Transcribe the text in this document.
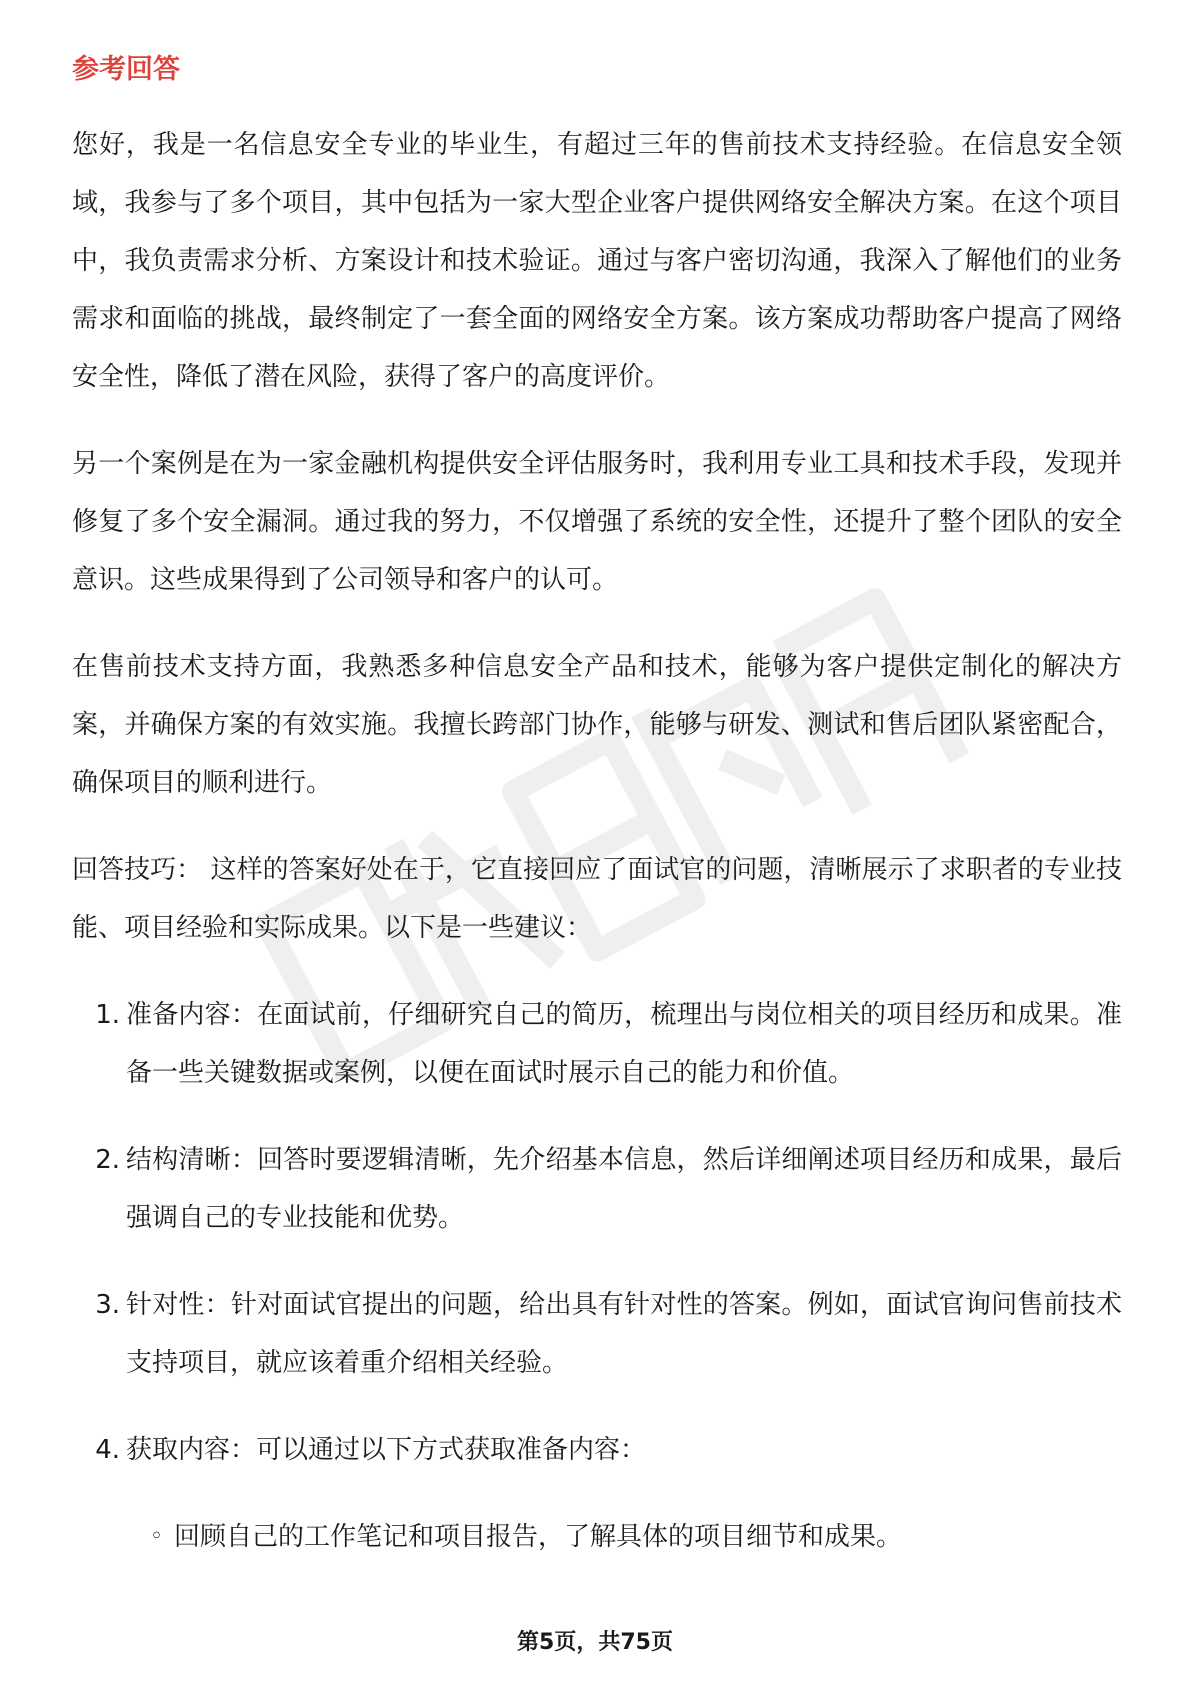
参考回答

您好，我是一名信息安全专业的毕业生，有超过三年的售前技术支持经验。在信息安全领域，我参与了多个项目，其中包括为一家大型企业客户提供网络安全解决方案。在这个项目中，我负责需求分析、方案设计和技术验证。通过与客户密切沟通，我深入了解他们的业务需求和面临的挑战，最终制定了一套全面的网络安全方案。该方案成功帮助客户提高了网络安全性，降低了潜在风险，获得了客户的高度评价。

另一个案例是在为一家金融机构提供安全评估服务时，我利用专业工具和技术手段，发现并修复了多个安全漏洞。通过我的努力，不仅增强了系统的安全性，还提升了整个团队的安全意识。这些成果得到了公司领导和客户的认可。

在售前技术支持方面，我熟悉多种信息安全产品和技术，能够为客户提供定制化的解决方案，并确保方案的有效实施。我擅长跨部门协作，能够与研发、测试和售后团队紧密配合，确保项目的顺利进行。

回答技巧： 这样的答案好处在于，它直接回应了面试官的问题，清晰展示了求职者的专业技能、项目经验和实际成果。以下是一些建议：

1. 准备内容：在面试前，仔细研究自己的简历，梳理出与岗位相关的项目经历和成果。准备一些关键数据或案例，以便在面试时展示自己的能力和价值。
2. 结构清晰：回答时要逻辑清晰，先介绍基本信息，然后详细阐述项目经历和成果，最后强调自己的专业技能和优势。
3. 针对性：针对面试官提出的问题，给出具有针对性的答案。例如，面试官询问售前技术支持项目，就应该着重介绍相关经验。
4. 获取内容：可以通过以下方式获取准备内容：
◦ 回顾自己的工作笔记和项目报告，了解具体的项目细节和成果。
第5页，共75页
